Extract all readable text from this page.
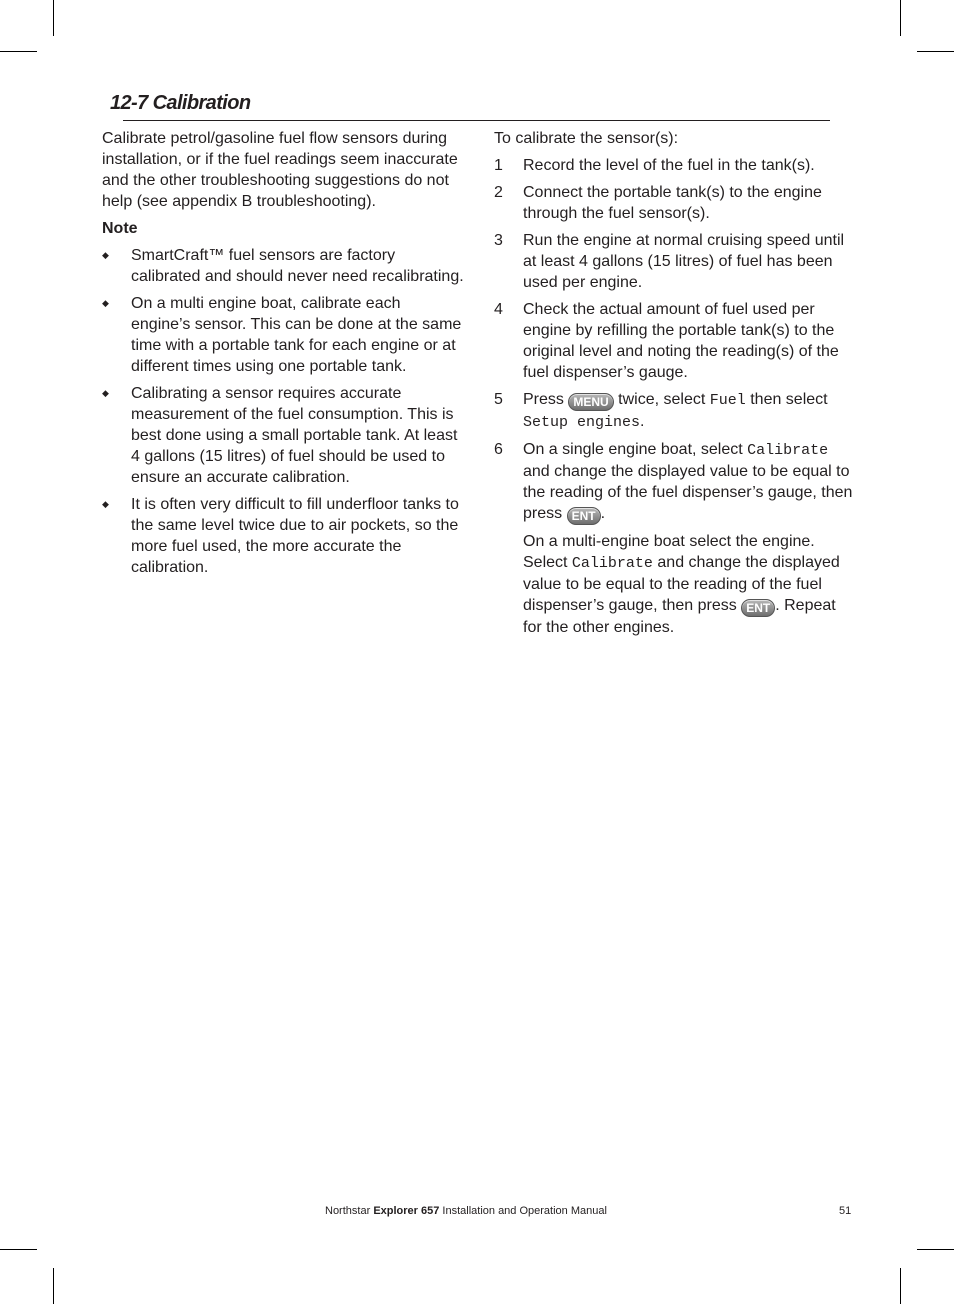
12-7 Calibration

Calibrate petrol/gasoline fuel flow sensors during installation, or if the fuel readings seem inaccurate and the other troubleshooting suggestions do not help (see appendix B troubleshooting).

Note

◆ SmartCraft™ fuel sensors are factory calibrated and should never need recalibrating.
◆ On a multi engine boat, calibrate each engine’s sensor. This can be done at the same time with a portable tank for each engine or at different times using one portable tank.
◆ Calibrating a sensor requires accurate measurement of the fuel consumption. This is best done using a small portable tank. At least 4 gallons (15 litres) of fuel should be used to ensure an accurate calibration.
◆ It is often very difficult to fill underfloor tanks to the same level twice due to air pockets, so the more fuel used, the more accurate the calibration.

To calibrate the sensor(s):

1 Record the level of the fuel in the tank(s).
2 Connect the portable tank(s) to the engine through the fuel sensor(s).
3 Run the engine at normal cruising speed until at least 4 gallons (15 litres) of fuel has been used per engine.
4 Check the actual amount of fuel used per engine by refilling the portable tank(s) to the original level and noting the reading(s) of the fuel dispenser’s gauge.
5 Press MENU twice, select Fuel then select Setup engines.
6 On a single engine boat, select Calibrate and change the displayed value to be equal to the reading of the fuel dispenser’s gauge, then press ENT .

On a multi-engine boat select the engine. Select Calibrate and change the displayed value to be equal to the reading of the fuel dispenser’s gauge, then press ENT . Repeat for the other engines.

Northstar Explorer 657 Installation and Operation Manual	51
